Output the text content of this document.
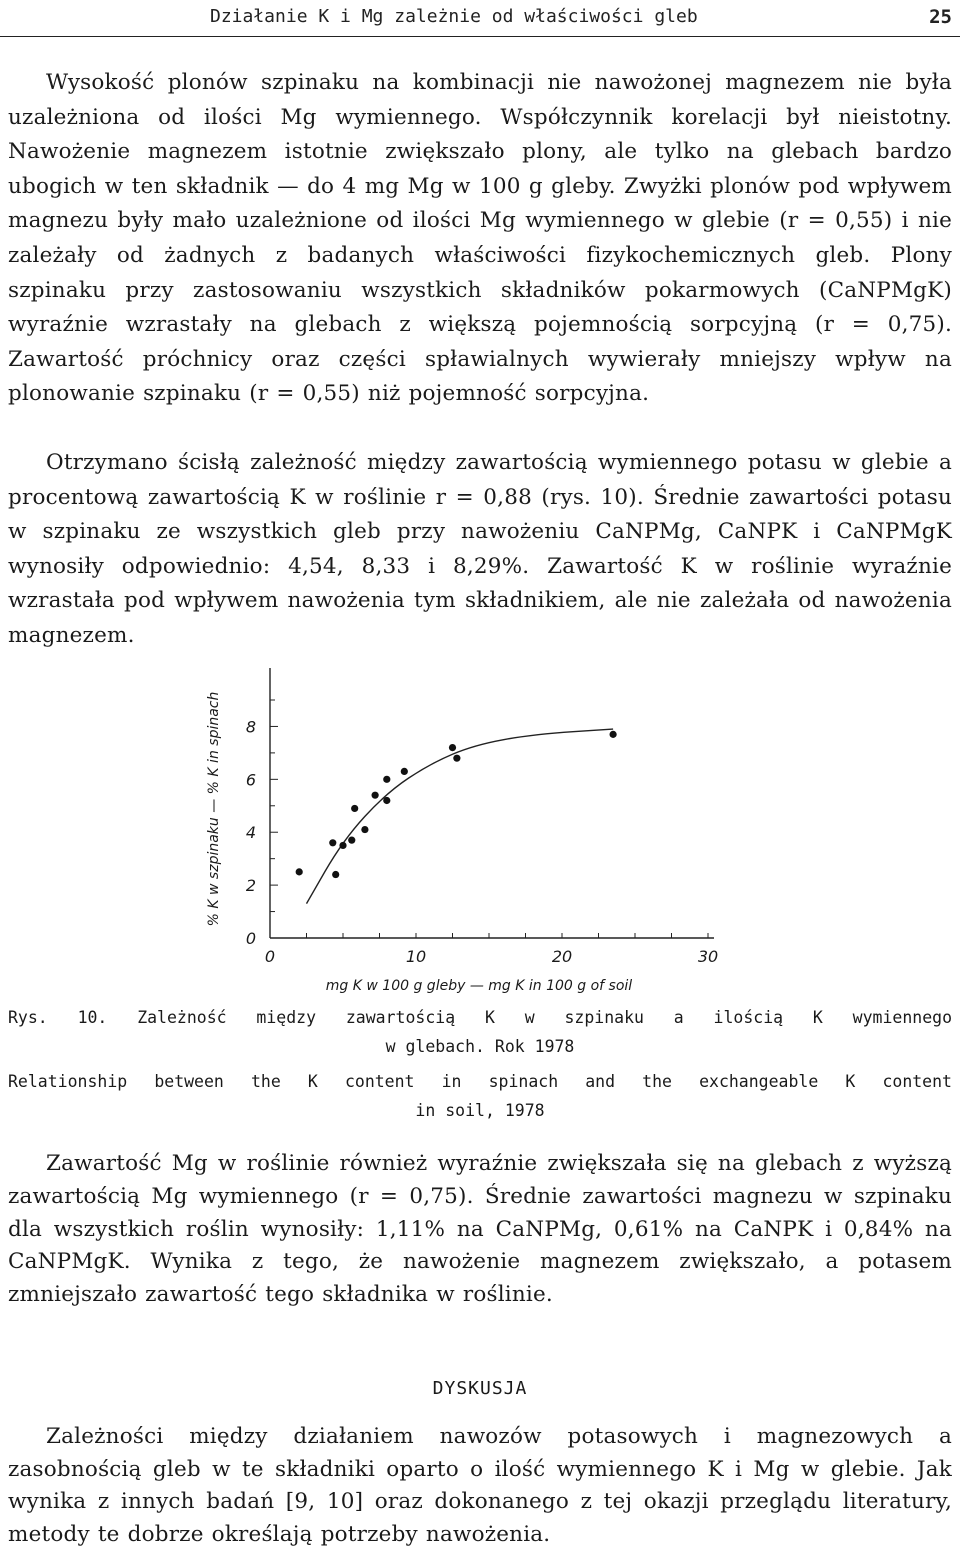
Działanie K i Mg zależnie od właściwości gleb	25

Wysokość plonów szpinaku na kombinacji nie nawożonej magnezem nie była uzależniona od ilości Mg wymiennego. Współczynnik korelacji był nieistotny. Nawożenie magnezem istotnie zwiększało plony, ale tylko na glebach bardzo ubogich w ten składnik — do 4 mg Mg w 100 g gleby. Zwyżki plonów pod wpływem magnezu były mało uzależnione od ilości Mg wymiennego w glebie (r = 0,55) i nie zależały od żadnych z badanych właściwości fizykochemicznych gleb. Plony szpinaku przy zastosowaniu wszystkich składników pokarmowych (CaNPMgK) wyraźnie wzrastały na glebach z większą pojemnością sorpcyjną (r = 0,75). Zawartość próchnicy oraz części spławialnych wywierały mniejszy wpływ na plonowanie szpinaku (r = 0,55) niż pojemność sorpcyjna.

Otrzymano ścisłą zależność między zawartością wymiennego potasu w glebie a procentową zawartością K w roślinie r = 0,88 (rys. 10). Średnie zawartości potasu w szpinaku ze wszystkich gleb przy nawożeniu CaNPMg, CaNPK i CaNPMgK wynosiły odpowiednio: 4,54, 8,33 i 8,29%. Zawartość K w roślinie wyraźnie wzrastała pod wpływem nawożenia tym składnikiem, ale nie zależała od nawożenia magnezem.

0
2
4
6
8
0	10	20	30
mg K w 100 g gleby — mg K in 100 g of soil
% K w szpinaku — % K in spinach
Rys. 10. Zależność między zawartością K w szpinaku a ilością K wymiennego
w glebach. Rok 1978
Relationship between the K content in spinach and the exchangeable K content
in soil, 1978

Zawartość Mg w roślinie również wyraźnie zwiększała się na glebach z wyższą zawartością Mg wymiennego (r = 0,75). Średnie zawartości magnezu w szpinaku dla wszystkich roślin wynosiły: 1,11% na CaNPMg, 0,61% na CaNPK i 0,84% na CaNPMgK. Wynika z tego, że nawożenie magnezem zwiększało, a potasem zmniejszało zawartość tego składnika w roślinie.

DYSKUSJA

Zależności między działaniem nawozów potasowych i magnezowych a zasobnością gleb w te składniki oparto o ilość wymiennego K i Mg w glebie. Jak wynika z innych badań [9, 10] oraz dokonanego z tej okazji przeglądu literatury, metody te dobrze określają potrzeby nawożenia.
